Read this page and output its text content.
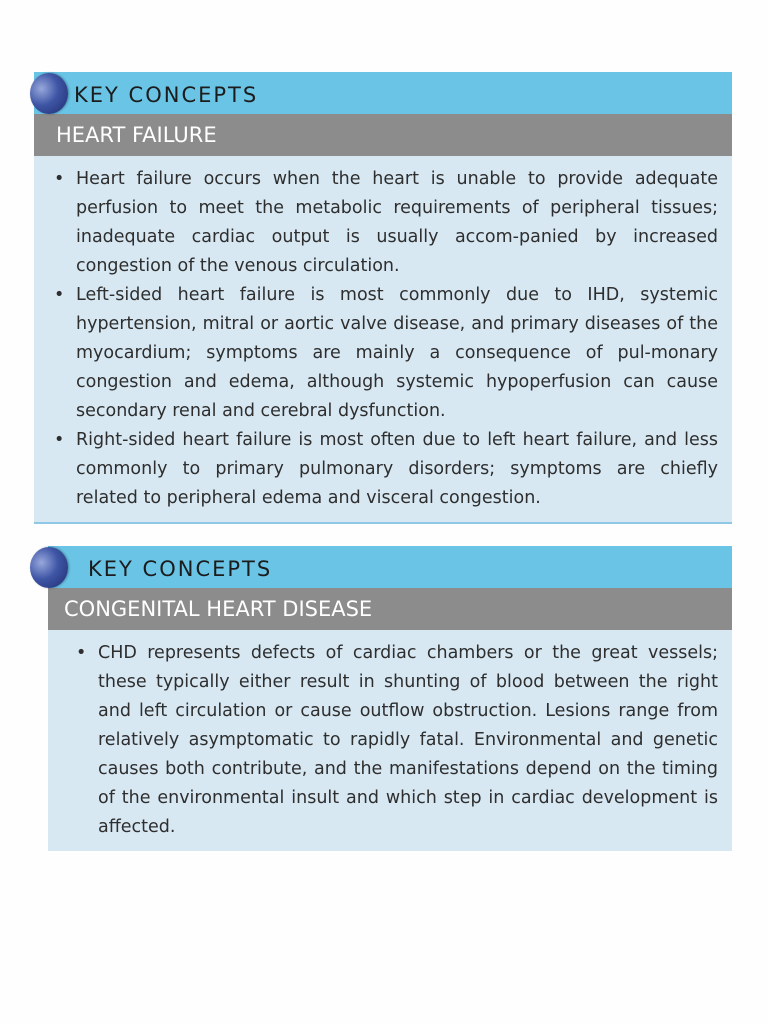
KEY CONCEPTS
HEART FAILURE
• Heart failure occurs when the heart is unable to provide adequate perfusion to meet the metabolic requirements of peripheral tissues; inadequate cardiac output is usually accom-panied by increased congestion of the venous circulation.
• Left-sided heart failure is most commonly due to IHD, systemic hypertension, mitral or aortic valve disease, and primary diseases of the myocardium; symptoms are mainly a consequence of pul-monary congestion and edema, although systemic hypoperfusion can cause secondary renal and cerebral dysfunction.
• Right-sided heart failure is most often due to left heart failure, and less commonly to primary pulmonary disorders; symptoms are chiefly related to peripheral edema and visceral congestion.
KEY CONCEPTS
CONGENITAL HEART DISEASE
• CHD represents defects of cardiac chambers or the great vessels; these typically either result in shunting of blood between the right and left circulation or cause outflow obstruction. Lesions range from relatively asymptomatic to rapidly fatal. Environmental and genetic causes both contribute, and the manifestations depend on the timing of the environmental insult and which step in cardiac development is affected.
